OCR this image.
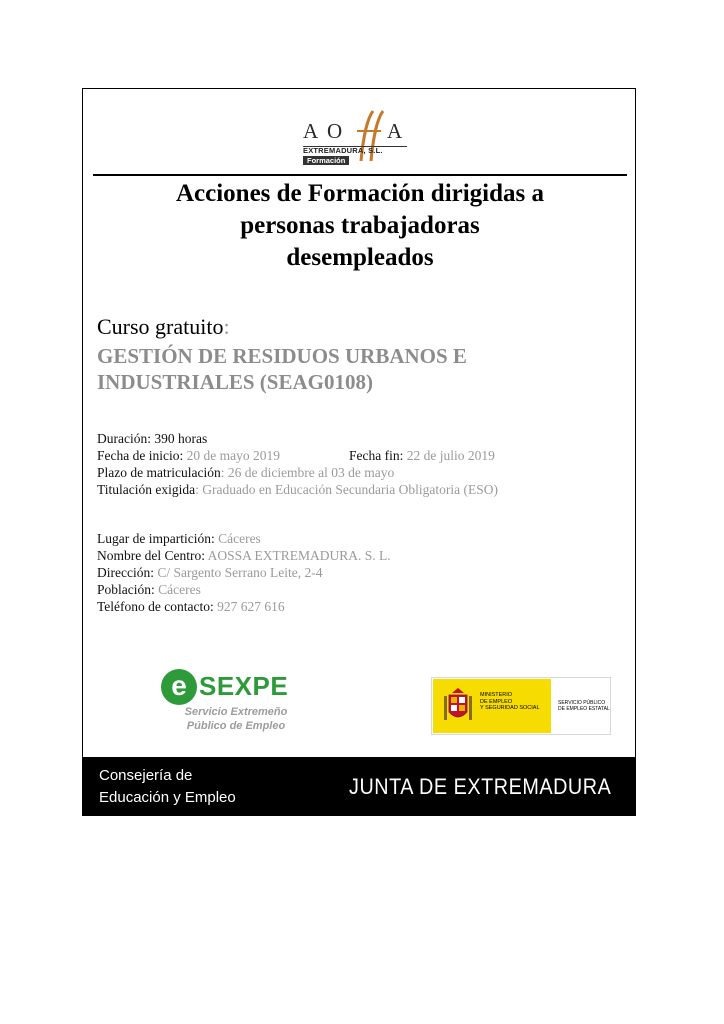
A O A
EXTREMADURA, S.L.
Formación
Acciones de Formación dirigidas a
personas trabajadoras
desempleados
Curso gratuito:
GESTIÓN DE RESIDUOS URBANOS E
INDUSTRIALES (SEAG0108)
Duración: 390 horas
Fecha de inicio: 20 de mayo 2019	Fecha fin: 22 de julio 2019
Plazo de matriculación: 26 de diciembre al 03 de mayo
Titulación exigida: Graduado en Educación Secundaria Obligatoria (ESO)
Lugar de impartición: Cáceres
Nombre del Centro: AOSSA EXTREMADURA. S. L.
Dirección: C/ Sargento Serrano Leite, 2-4
Población: Cáceres
Teléfono de contacto: 927 627 616
e SEXPE
Servicio Extremeño
Público de Empleo
MINISTERIO
DE EMPLEO
Y SEGURIDAD SOCIAL
SERVICIO PÚBLICO
DE EMPLEO ESTATAL
Consejería de
Educación y Empleo	JUNTA DE EXTREMADURA
